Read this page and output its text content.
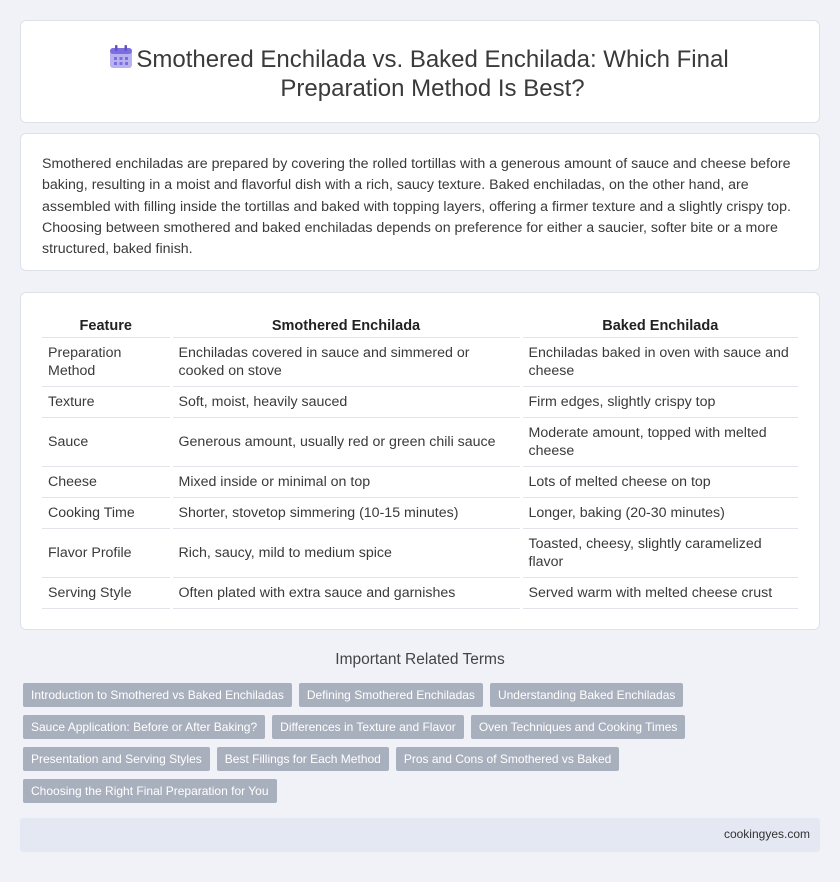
Smothered Enchilada vs. Baked Enchilada: Which Final Preparation Method Is Best?

Smothered enchiladas are prepared by covering the rolled tortillas with a generous amount of sauce and cheese before baking, resulting in a moist and flavorful dish with a rich, saucy texture. Baked enchiladas, on the other hand, are assembled with filling inside the tortillas and baked with topping layers, offering a firmer texture and a slightly crispy top. Choosing between smothered and baked enchiladas depends on preference for either a saucier, softer bite or a more structured, baked finish.

Feature	Smothered Enchilada	Baked Enchilada
Preparation Method	Enchiladas covered in sauce and simmered or cooked on stove	Enchiladas baked in oven with sauce and cheese
Texture	Soft, moist, heavily sauced	Firm edges, slightly crispy top
Sauce	Generous amount, usually red or green chili sauce	Moderate amount, topped with melted cheese
Cheese	Mixed inside or minimal on top	Lots of melted cheese on top
Cooking Time	Shorter, stovetop simmering (10-15 minutes)	Longer, baking (20-30 minutes)
Flavor Profile	Rich, saucy, mild to medium spice	Toasted, cheesy, slightly caramelized flavor
Serving Style	Often plated with extra sauce and garnishes	Served warm with melted cheese crust
Important Related Terms
Introduction to Smothered vs Baked Enchiladas	Defining Smothered Enchiladas	Understanding Baked Enchiladas
Sauce Application: Before or After Baking?	Differences in Texture and Flavor	Oven Techniques and Cooking Times
Presentation and Serving Styles	Best Fillings for Each Method	Pros and Cons of Smothered vs Baked
Choosing the Right Final Preparation for You
cookingyes.com
